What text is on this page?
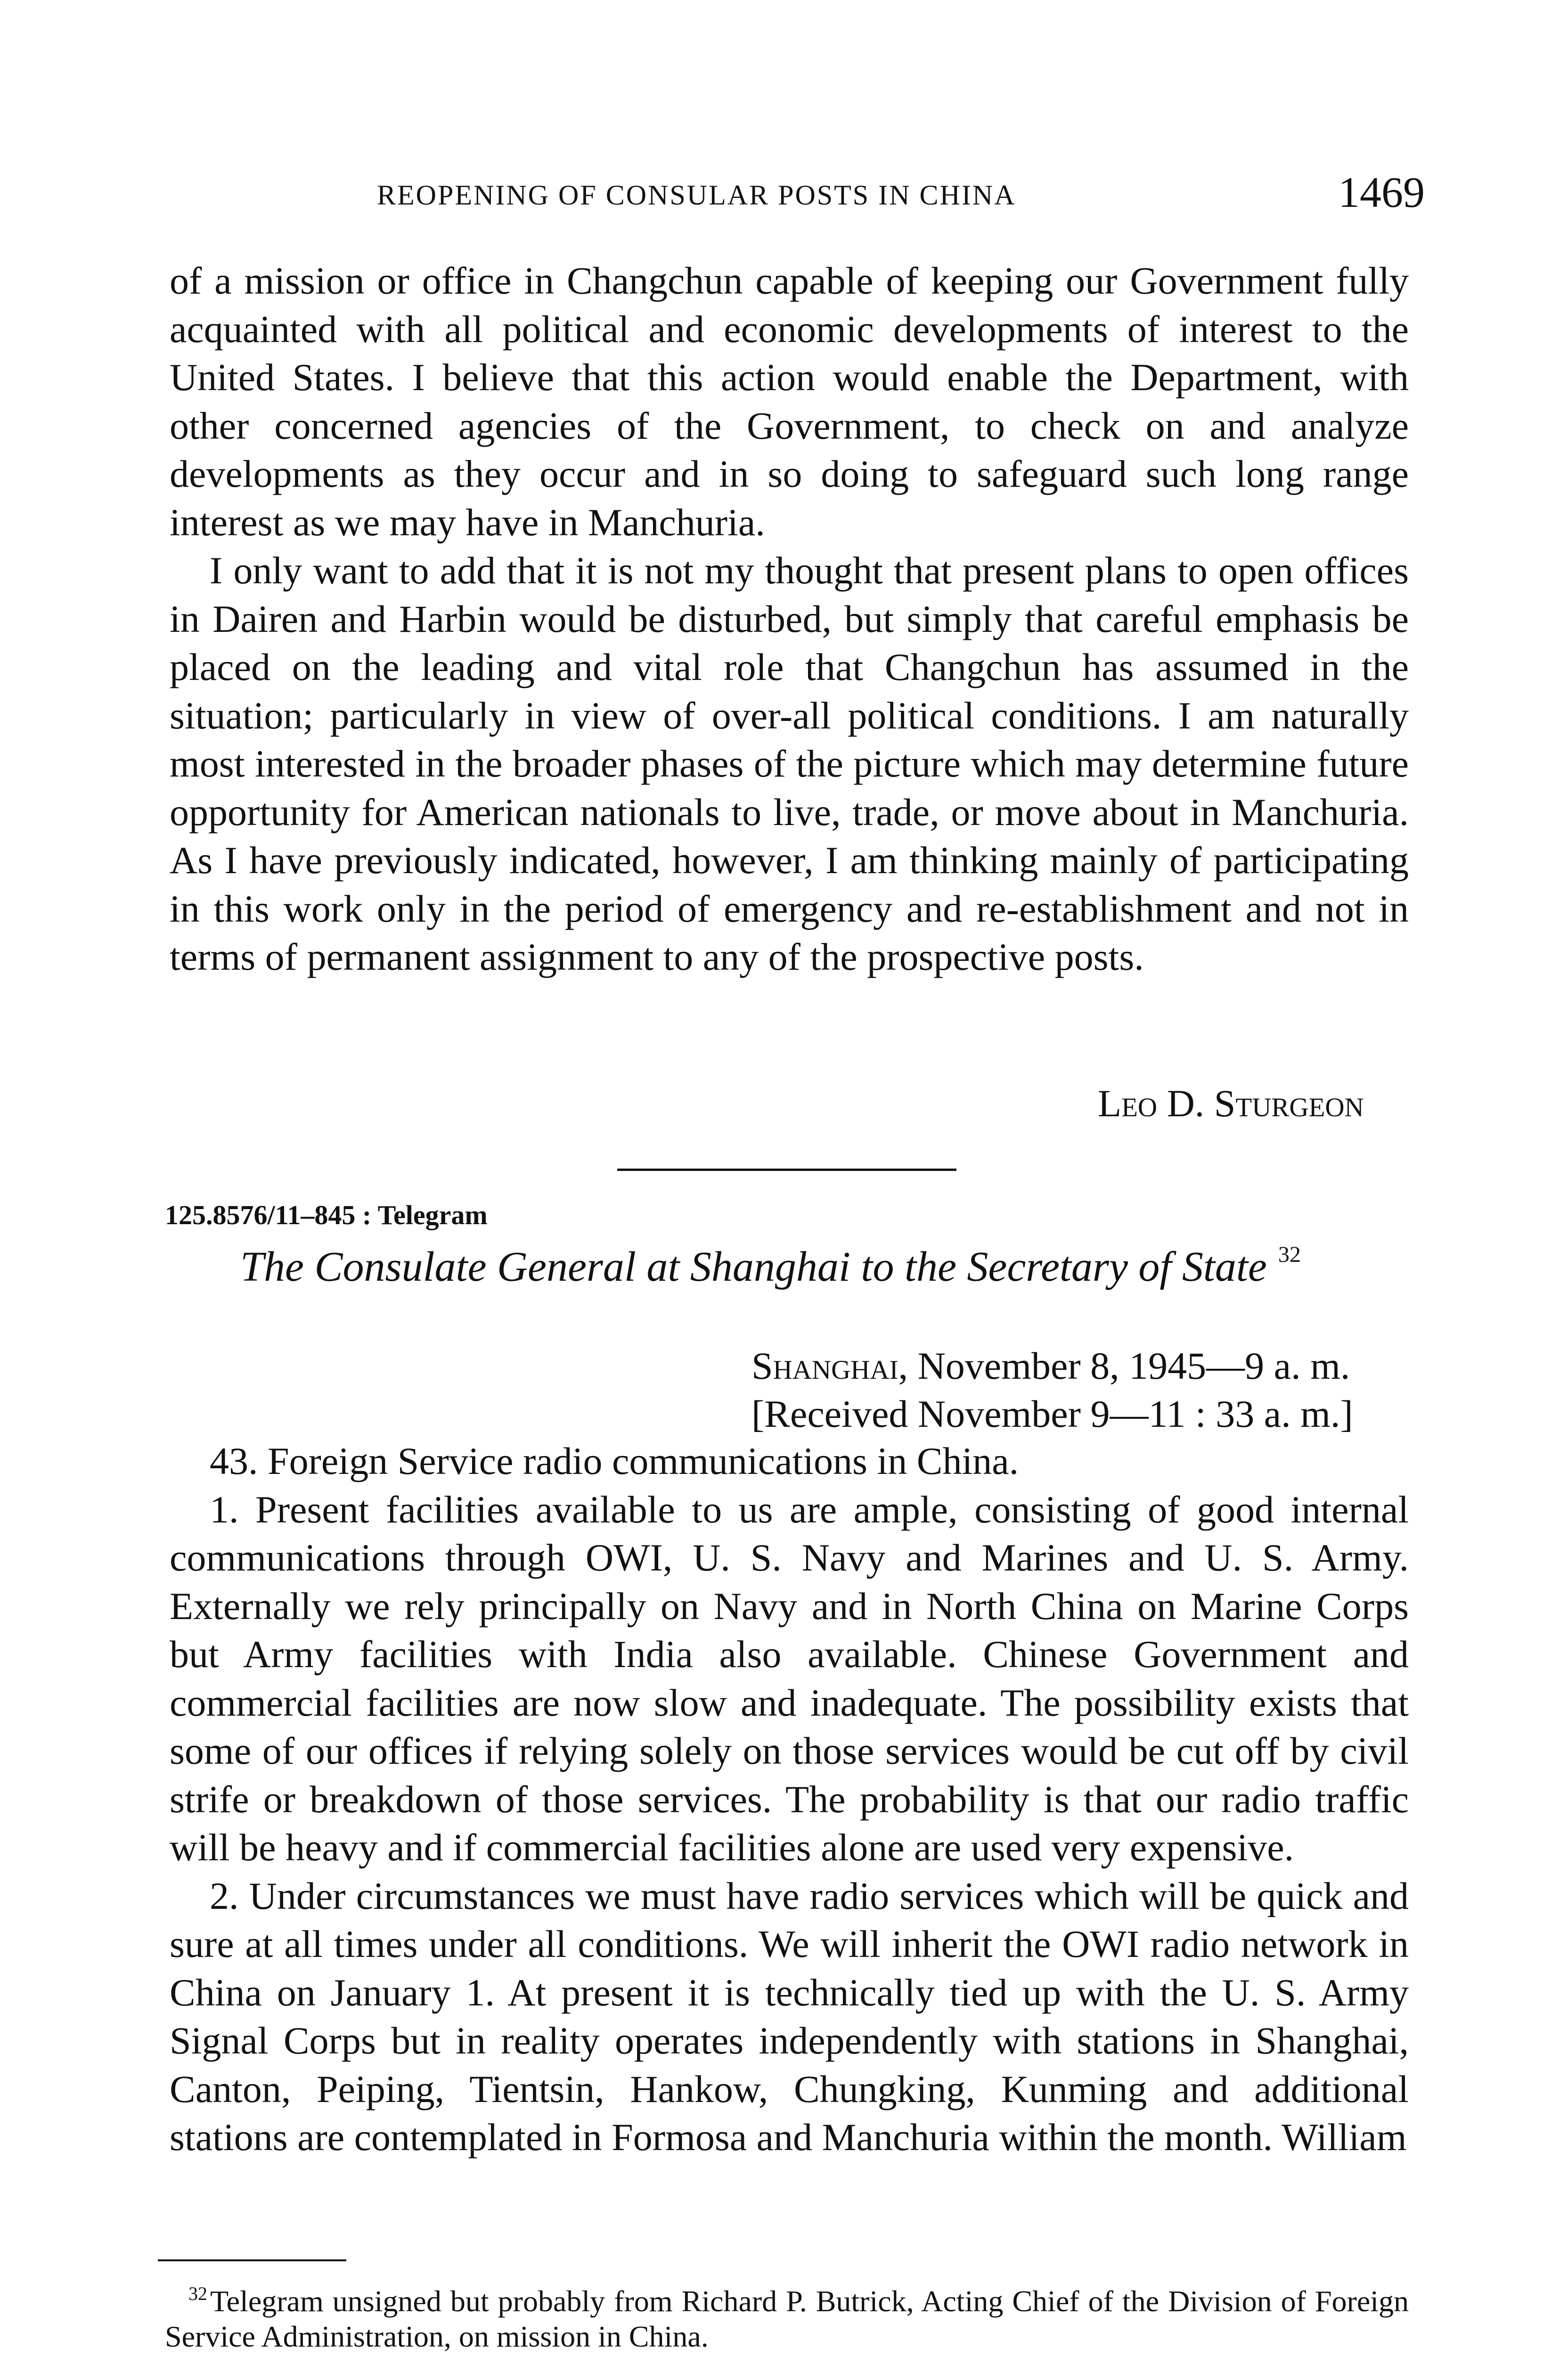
REOPENING OF CONSULAR POSTS IN CHINA	1469

of a mission or office in Changchun capable of keeping our Government fully acquainted with all political and economic developments of interest to the United States. I believe that this action would enable the Department, with other concerned agencies of the Government, to check on and analyze developments as they occur and in so doing to safeguard such long range interest as we may have in Manchuria.

I only want to add that it is not my thought that present plans to open offices in Dairen and Harbin would be disturbed, but simply that careful emphasis be placed on the leading and vital role that Changchun has assumed in the situation; particularly in view of over-all political conditions. I am naturally most interested in the broader phases of the picture which may determine future opportunity for American nationals to live, trade, or move about in Manchuria. As I have previously indicated, however, I am thinking mainly of participating in this work only in the period of emergency and re-establishment and not in terms of permanent assignment to any of the prospective posts.

Leo D. Sturgeon
125.8576/11–845 : Telegram
The Consulate General at Shanghai to the Secretary of State $^{32}$
Shanghai, November 8, 1945—9 a. m.
[Received November 9—11 : 33 a. m.]

43. Foreign Service radio communications in China.

1. Present facilities available to us are ample, consisting of good internal communications through OWI, U. S. Navy and Marines and U. S. Army. Externally we rely principally on Navy and in North China on Marine Corps but Army facilities with India also available. Chinese Government and commercial facilities are now slow and inadequate. The possibility exists that some of our offices if relying solely on those services would be cut off by civil strife or breakdown of those services. The probability is that our radio traffic will be heavy and if commercial facilities alone are used very expensive.

2. Under circumstances we must have radio services which will be quick and sure at all times under all conditions. We will inherit the OWI radio network in China on January 1. At present it is technically tied up with the U. S. Army Signal Corps but in reality operates independently with stations in Shanghai, Canton, Peiping, Tientsin, Hankow, Chungking, Kunming and additional stations are contemplated in Formosa and Manchuria within the month. William

$^{32}$Telegram unsigned but probably from Richard P. Butrick, Acting Chief of the Division of Foreign Service Administration, on mission in China.
